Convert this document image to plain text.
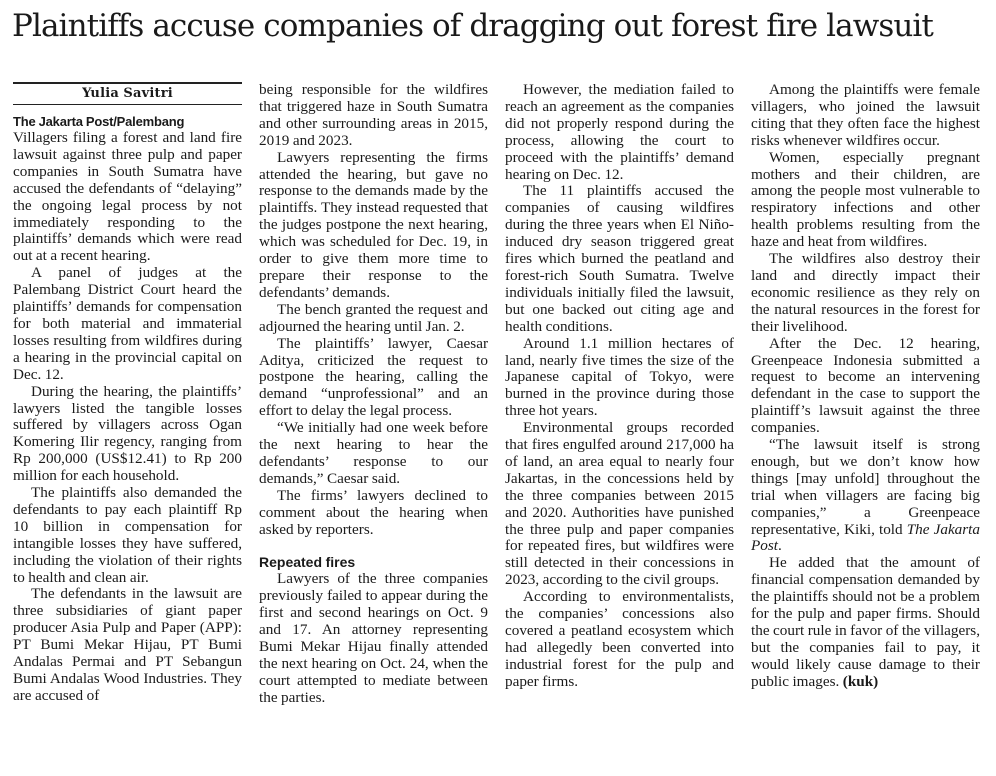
Plaintiffs accuse companies of dragging out forest fire lawsuit
Yulia Savitri
The Jakarta Post/Palembang

Villagers filing a forest and land fire lawsuit against three pulp and paper companies in South Sumatra have accused the defendants of “delaying” the ongoing legal process by not immediately responding to the plaintiffs’ demands which were read out at a recent hearing.

A panel of judges at the Palembang District Court heard the plaintiffs’ demands for compensation for both material and immaterial losses resulting from wildfires during a hearing in the provincial capital on Dec. 12.

During the hearing, the plaintiffs’ lawyers listed the tangible losses suffered by villagers across Ogan Komering Ilir regency, ranging from Rp 200,000 (US$12.41) to Rp 200 million for each household.

The plaintiffs also demanded the defendants to pay each plaintiff Rp 10 billion in compensation for intangible losses they have suffered, including the violation of their rights to health and clean air.

The defendants in the lawsuit are three subsidiaries of giant paper producer Asia Pulp and Paper (APP): PT Bumi Mekar Hijau, PT Bumi Andalas Permai and PT Sebangun Bumi Andalas Wood Industries. They are accused of

being responsible for the wildfires that triggered haze in South Sumatra and other surrounding areas in 2015, 2019 and 2023.

Lawyers representing the firms attended the hearing, but gave no response to the demands made by the plaintiffs. They instead requested that the judges postpone the next hearing, which was scheduled for Dec. 19, in order to give them more time to prepare their response to the defendants’ demands.

The bench granted the request and adjourned the hearing until Jan. 2.

The plaintiffs’ lawyer, Caesar Aditya, criticized the request to postpone the hearing, calling the demand “unprofessional” and an effort to delay the legal process.

“We initially had one week before the next hearing to hear the defendants’ response to our demands,” Caesar said.

The firms’ lawyers declined to comment about the hearing when asked by reporters.

Repeated fires

Lawyers of the three companies previously failed to appear during the first and second hearings on Oct. 9 and 17. An attorney representing Bumi Mekar Hijau finally attended the next hearing on Oct. 24, when the court attempted to mediate between the parties.

However, the mediation failed to reach an agreement as the companies did not properly respond during the process, allowing the court to proceed with the plaintiffs’ demand hearing on Dec. 12.

The 11 plaintiffs accused the companies of causing wildfires during the three years when El Niño-induced dry season triggered great fires which burned the peatland and forest-rich South Sumatra. Twelve individuals initially filed the lawsuit, but one backed out citing age and health conditions.

Around 1.1 million hectares of land, nearly five times the size of the Japanese capital of Tokyo, were burned in the province during those three hot years.

Environmental groups recorded that fires engulfed around 217,000 ha of land, an area equal to nearly four Jakartas, in the concessions held by the three companies between 2015 and 2020. Authorities have punished the three pulp and paper companies for repeated fires, but wildfires were still detected in their concessions in 2023, according to the civil groups.

According to environmentalists, the companies’ concessions also covered a peatland ecosystem which had allegedly been converted into industrial forest for the pulp and paper firms.

Among the plaintiffs were female villagers, who joined the lawsuit citing that they often face the highest risks whenever wildfires occur.

Women, especially pregnant mothers and their children, are among the people most vulnerable to respiratory infections and other health problems resulting from the haze and heat from wildfires.

The wildfires also destroy their land and directly impact their economic resilience as they rely on the natural resources in the forest for their livelihood.

After the Dec. 12 hearing, Greenpeace Indonesia submitted a request to become an intervening defendant in the case to support the plaintiff’s lawsuit against the three companies.

“The lawsuit itself is strong enough, but we don’t know how things [may unfold] throughout the trial when villagers are facing big companies,” a Greenpeace representative, Kiki, told The Jakarta Post.

He added that the amount of financial compensation demanded by the plaintiffs should not be a problem for the pulp and paper firms. Should the court rule in favor of the villagers, but the companies fail to pay, it would likely cause damage to their public images. (kuk)
